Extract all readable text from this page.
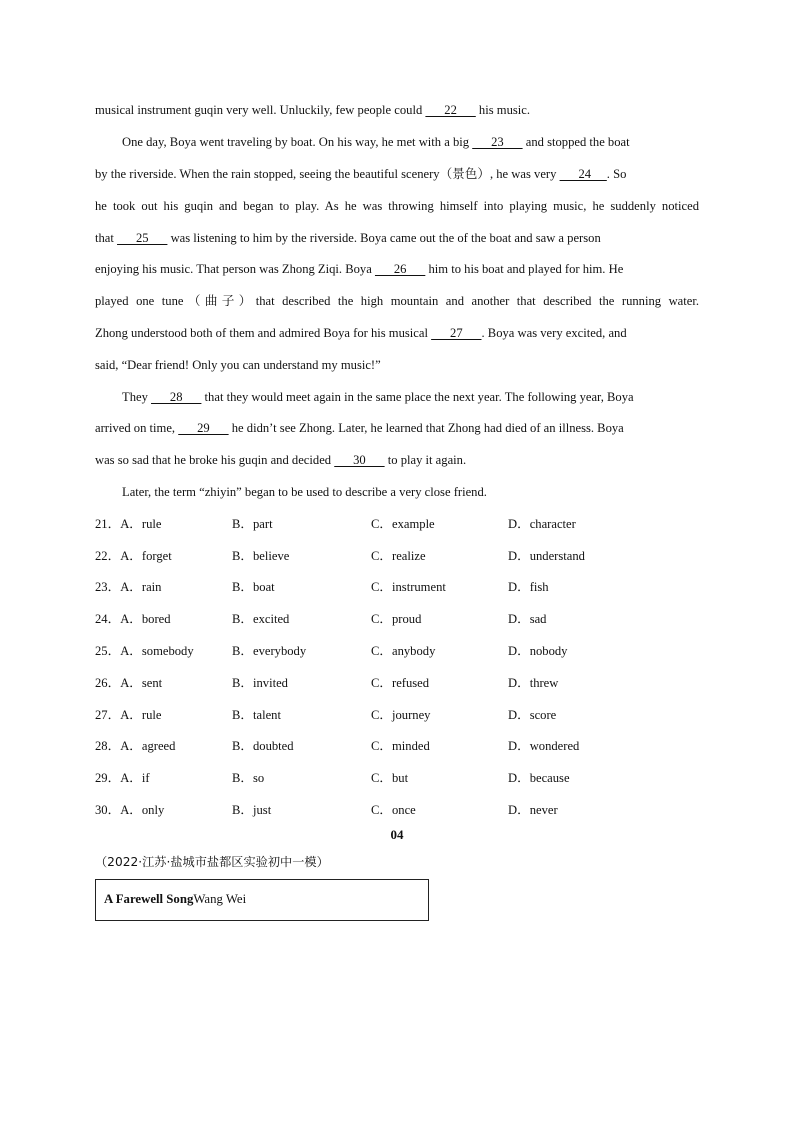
musical instrument guqin very well. Unluckily, few people could       22       his music.
One day, Boya went traveling by boat. On his way, he met with a big       23       and stopped the boat
by the riverside. When the rain stopped, seeing the beautiful scenery（景色）, he was very       24     . So
he took out his guqin and began to play. As he was throwing himself into playing music, he suddenly noticed
that       25       was listening to him by the riverside. Boya came out the of the boat and saw a person
enjoying his music. That person was Zhong Ziqi. Boya       26       him to his boat and played for him. He
played one tune（曲子）that described the high mountain and another that described the running water.
Zhong understood both of them and admired Boya for his musical       27      . Boya was very excited, and
said, “Dear friend! Only you can understand my music!”
They       28       that they would meet again in the same place the next year. The following year, Boya
arrived on time,       29       he didn’t see Zhong. Later, he learned that Zhong had died of an illness. Boya
was so sad that he broke his guqin and decided       30       to play it again.
Later, the term “zhiyin” began to be used to describe a very close friend.
21．A．rule	B．part	C．example	D．character
22．A．forget	B．believe	C．realize	D．understand
23．A．rain	B．boat	C．instrument	D．fish
24．A．bored	B．excited	C．proud	D．sad
25．A．somebody	B．everybody	C．anybody	D．nobody
26．A．sent	B．invited	C．refused	D．threw
27．A．rule	B．talent	C．journey	D．score
28．A．agreed	B．doubted	C．minded	D．wondered
29．A．if	B．so	C．but	D．because
30．A．only	B．just	C．once	D．never
04
（2022·江苏·盐城市盐都区实验初中一模）
A Farewell SongWang Wei
